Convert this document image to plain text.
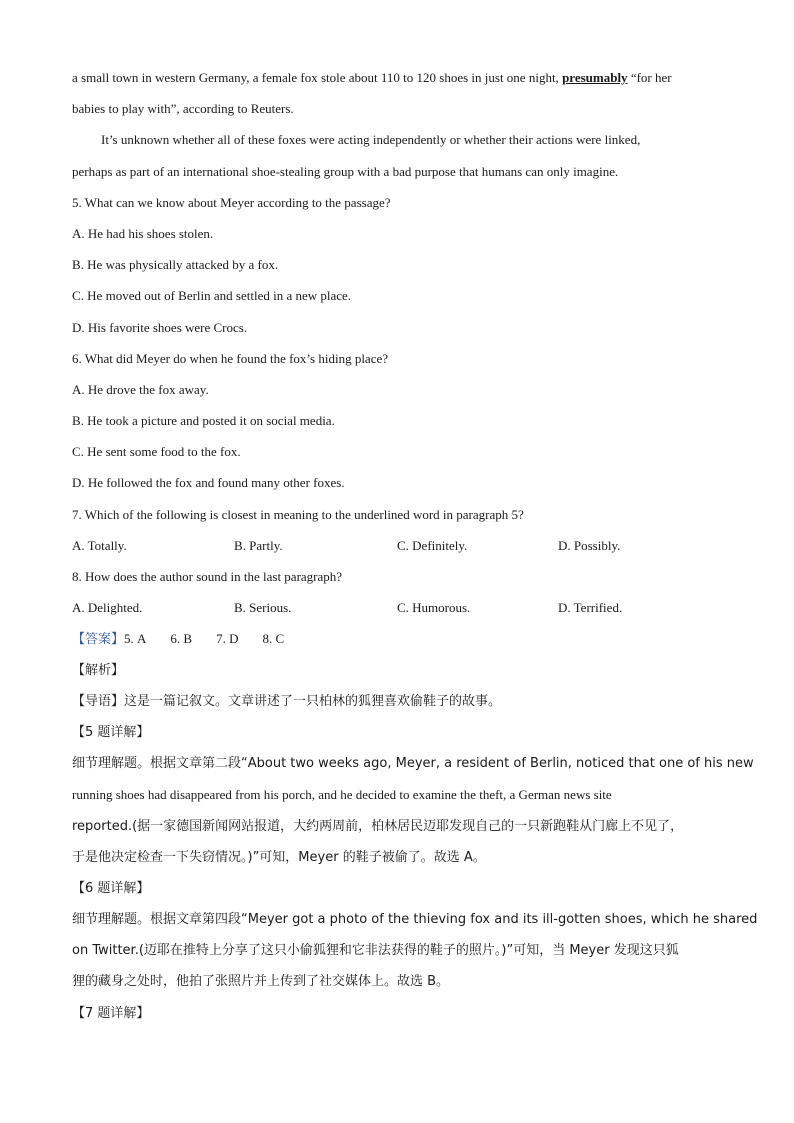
a small town in western Germany, a female fox stole about 110 to 120 shoes in just one night, presumably “for her
babies to play with”, according to Reuters.
It’s unknown whether all of these foxes were acting independently or whether their actions were linked,
perhaps as part of an international shoe-stealing group with a bad purpose that humans can only imagine.
5. What can we know about Meyer according to the passage?
A. He had his shoes stolen.
B. He was physically attacked by a fox.
C. He moved out of Berlin and settled in a new place.
D. His favorite shoes were Crocs.
6. What did Meyer do when he found the fox’s hiding place?
A. He drove the fox away.
B. He took a picture and posted it on social media.
C. He sent some food to the fox.
D. He followed the fox and found many other foxes.
7. Which of the following is closest in meaning to the underlined word in paragraph 5?
A. Totally.	B. Partly.	C. Definitely.	D. Possibly.
8. How does the author sound in the last paragraph?
A. Delighted.	B. Serious.	C. Humorous.	D. Terrified.
【答案】5. A 6. B 7. D 8. C
【解析】
【导语】这是一篇记叙文。文章讲述了一只柏林的狐狸喜欢偷鞋子的故事。
【5 题详解】
细节理解题。根据文章第二段“About two weeks ago, Meyer, a resident of Berlin, noticed that one of his new
running shoes had disappeared from his porch, and he decided to examine the theft, a German news site
reported.(据一家德国新闻网站报道，大约两周前，柏林居民迈耶发现自己的一只新跑鞋从门廊上不见了，
于是他决定检查一下失窃情况。)”可知，Meyer 的鞋子被偷了。故选 A。
【6 题详解】
细节理解题。根据文章第四段“Meyer got a photo of the thieving fox and its ill-gotten shoes, which he shared
on Twitter.(迈耶在推特上分享了这只小偷狐狸和它非法获得的鞋子的照片。)”可知，当 Meyer 发现这只狐
狸的藏身之处时，他拍了张照片并上传到了社交媒体上。故选 B。
【7 题详解】
